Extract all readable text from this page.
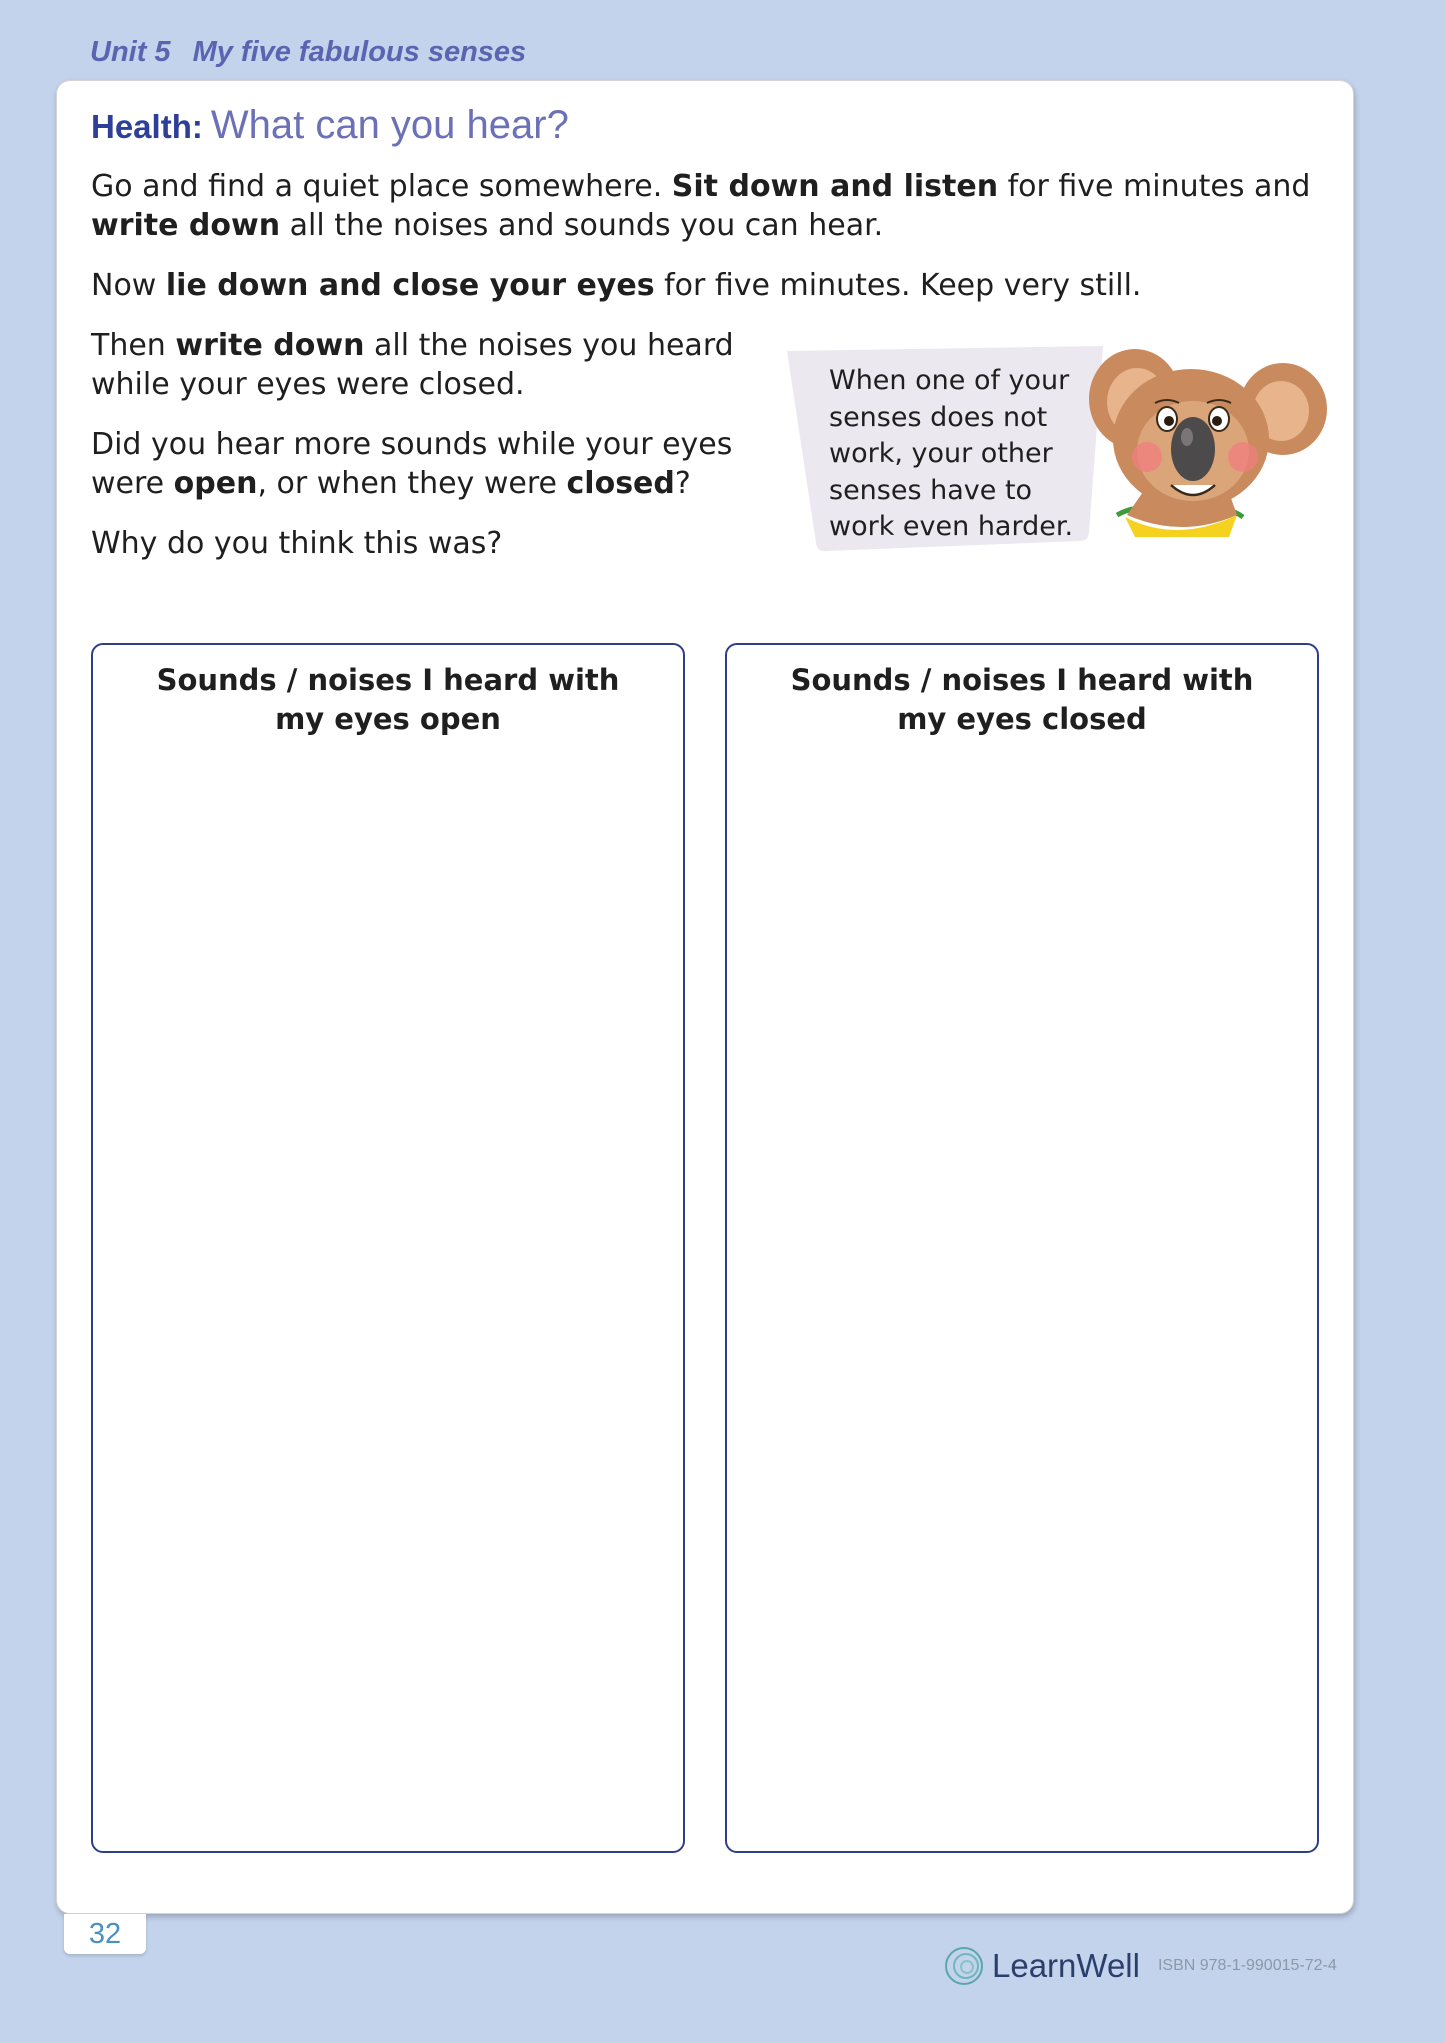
Unit 5 My five fabulous senses
Health: What can you hear?

Go and find a quiet place somewhere. Sit down and listen for five minutes and write down all the noises and sounds you can hear.

Now lie down and close your eyes for five minutes. Keep very still.

Then write down all the noises you heard while your eyes were closed.

Did you hear more sounds while your eyes were open, or when they were closed?

Why do you think this was?

When one of your senses does not work, your other senses have to work even harder.

Sounds / noises I heard with my eyes open
Sounds / noises I heard with my eyes closed
32
LearnWell ISBN 978-1-990015-72-4
